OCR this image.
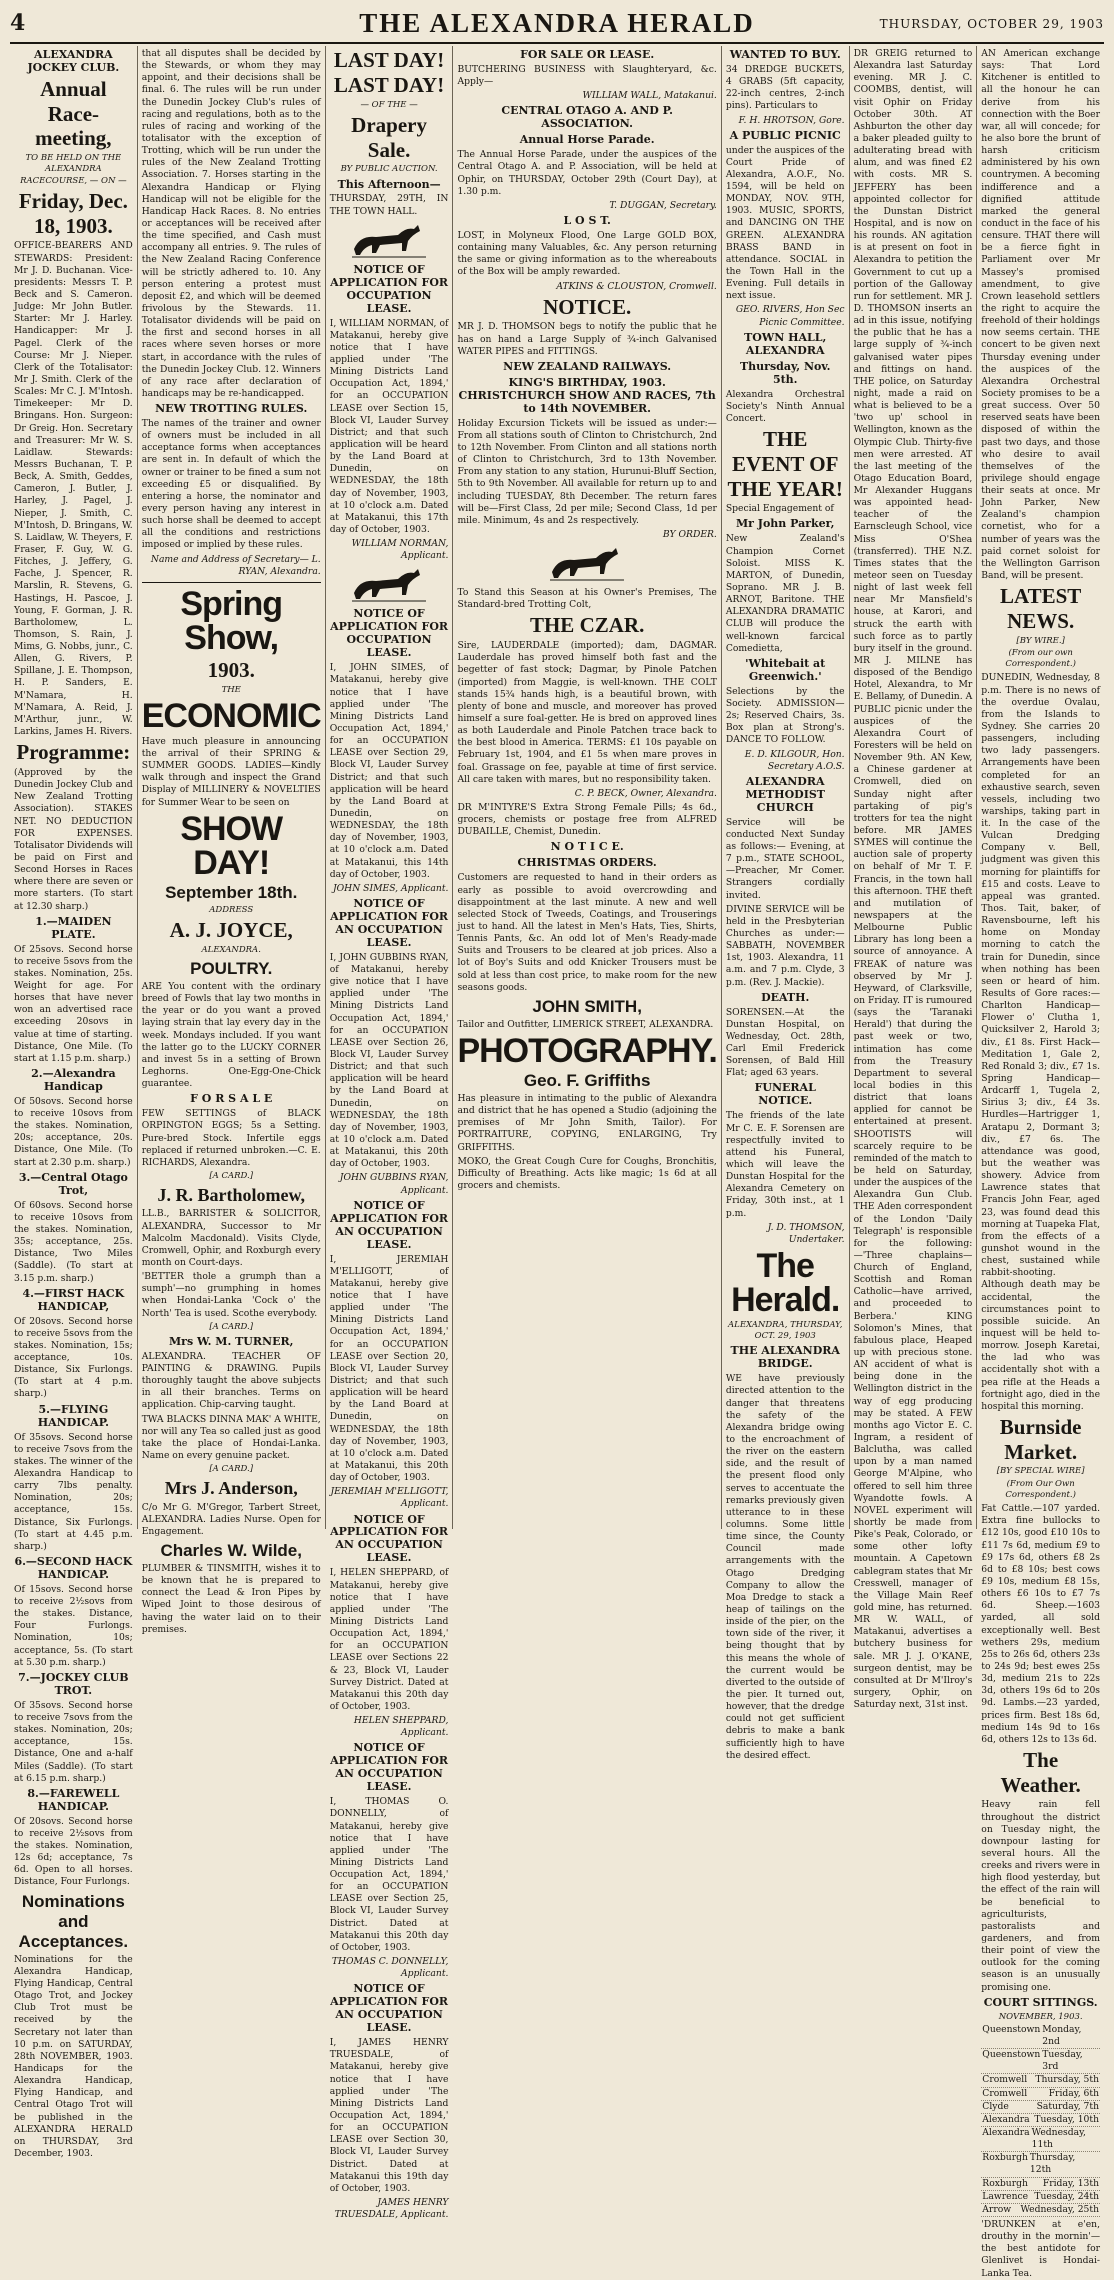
4	THE ALEXANDRA HERALD	THURSDAY, OCTOBER 29, 1903
ALEXANDRA JOCKEY CLUB.
Annual Race-meeting,
TO BE HELD ON THE ALEXANDRA RACECOURSE, — ON —
Friday, Dec. 18, 1903.
OFFICE-BEARERS AND STEWARDS: President: Mr J. D. Buchanan. Vice-presidents: Messrs T. P. Beck and S. Cameron. Judge: Mr John Butler. Starter: Mr J. Harley. Handicapper: Mr J. Pagel. Clerk of the Course: Mr J. Nieper. Clerk of the Totalisator: Mr J. Smith. Clerk of the Scales: Mr C. J. M'Intosh. Timekeeper: Mr D. Bringans. Hon. Surgeon: Dr Greig. Hon. Secretary and Treasurer: Mr W. S. Laidlaw. Stewards: Messrs Buchanan, T. P. Beck, A. Smith, Geddes, Cameron, J. Butler, J. Harley, J. Pagel, J. Nieper, J. Smith, C. M'Intosh, D. Bringans, W. S. Laidlaw, W. Theyers, F. Fraser, F. Guy, W. G. Fitches, J. Jeffery, G. Fache, J. Spencer, R. Marslin, R. Stevens, G. Hastings, H. Pascoe, J. Young, F. Gorman, J. R. Bartholomew, L. Thomson, S. Rain, J. Mims, G. Nobbs, junr., C. Allen, G. Rivers, P. Spillane, J. E. Thompson, H. P. Sanders, E. M'Namara, H. M'Namara, A. Reid, J. M'Arthur, junr., W. Larkins, James H. Rivers.
Programme:
(Approved by the Dunedin Jockey Club and New Zealand Trotting Association). STAKES NET. NO DEDUCTION FOR EXPENSES. Totalisator Dividends will be paid on First and Second Horses in Races where there are seven or more starters. (To start at 12.30 sharp.)
1.—MAIDEN PLATE.
Of 25sovs. Second horse to receive 5sovs from the stakes. Nomination, 25s. Weight for age. For horses that have never won an advertised race exceeding 20sovs in value at time of starting. Distance, One Mile. (To start at 1.15 p.m. sharp.)
2.—Alexandra Handicap
Of 50sovs. Second horse to receive 10sovs from the stakes. Nomination, 20s; acceptance, 20s. Distance, One Mile. (To start at 2.30 p.m. sharp.)
3.—Central Otago Trot,
Of 60sovs. Second horse to receive 10sovs from the stakes. Nomination, 35s; acceptance, 25s. Distance, Two Miles (Saddle). (To start at 3.15 p.m. sharp.)
4.—FIRST HACK HANDICAP,
Of 20sovs. Second horse to receive 5sovs from the stakes. Nomination, 15s; acceptance, 10s. Distance, Six Furlongs. (To start at 4 p.m. sharp.)
5.—FLYING HANDICAP.
Of 35sovs. Second horse to receive 7sovs from the stakes. The winner of the Alexandra Handicap to carry 7lbs penalty. Nomination, 20s; acceptance, 15s. Distance, Six Furlongs. (To start at 4.45 p.m. sharp.)
6.—SECOND HACK HANDICAP.
Of 15sovs. Second horse to receive 2½sovs from the stakes. Distance, Four Furlongs. Nomination, 10s; acceptance, 5s. (To start at 5.30 p.m. sharp.)
7.—JOCKEY CLUB TROT.
Of 35sovs. Second horse to receive 7sovs from the stakes. Nomination, 20s; acceptance, 15s. Distance, One and a-half Miles (Saddle). (To start at 6.15 p.m. sharp.)
8.—FAREWELL HANDICAP.
Of 20sovs. Second horse to receive 2½sovs from the stakes. Nomination, 12s 6d; acceptance, 7s 6d. Open to all horses. Distance, Four Furlongs.
Nominations and Acceptances.
Nominations for the Alexandra Handicap, Flying Handicap, Central Otago Trot, and Jockey Club Trot must be received by the Secretary not later than 10 p.m. on SATURDAY, 28th NOVEMBER, 1903. Handicaps for the Alexandra Handicap, Flying Handicap, and Central Otago Trot will be published in the ALEXANDRA HERALD on THURSDAY, 3rd December, 1903.
that all disputes shall be decided by the Stewards, or whom they may appoint, and their decisions shall be final. 6. The rules will be run under the Dunedin Jockey Club's rules of racing and regulations, both as to the rules of racing and working of the totalisator with the exception of Trotting, which will be run under the rules of the New Zealand Trotting Association. 7. Horses starting in the Alexandra Handicap or Flying Handicap will not be eligible for the Handicap Hack Races. 8. No entries or acceptances will be received after the time specified, and Cash must accompany all entries. 9. The rules of the New Zealand Racing Conference will be strictly adhered to. 10. Any person entering a protest must deposit £2, and which will be deemed frivolous by the Stewards. 11. Totalisator dividends will be paid on the first and second horses in all races where seven horses or more start, in accordance with the rules of the Dunedin Jockey Club. 12. Winners of any race after declaration of handicaps may be re-handicapped.
NEW TROTTING RULES.
The names of the trainer and owner of owners must be included in all acceptance forms when acceptances are sent in. In default of which the owner or trainer to be fined a sum not exceeding £5 or disqualified. By entering a horse, the nominator and every person having any interest in such horse shall be deemed to accept all the conditions and restrictions imposed or implied by these rules.
Name and Address of Secretary— L. RYAN, Alexandra.
Spring Show,
1903.
THE
ECONOMIC
Have much pleasure in announcing the arrival of their SPRING & SUMMER GOODS. LADIES—Kindly walk through and inspect the Grand Display of MILLINERY & NOVELTIES for Summer Wear to be seen on
SHOW DAY!
September 18th.
ADDRESS
A. J. JOYCE,
ALEXANDRA.
POULTRY.
ARE You content with the ordinary breed of Fowls that lay two months in the year or do you want a proved laying strain that lay every day in the week. Mondays included. If you want the latter go to the LUCKY CORNER and invest 5s in a setting of Brown Leghorns. One-Egg-One-Chick guarantee.
F O R S A L E
FEW SETTINGS of BLACK ORPINGTON EGGS; 5s a Setting. Pure-bred Stock. Infertile eggs replaced if returned unbroken.—C. E. RICHARDS, Alexandra.
[A CARD.]
J. R. Bartholomew,
LL.B., BARRISTER & SOLICITOR, ALEXANDRA, Successor to Mr Malcolm Macdonald). Visits Clyde, Cromwell, Ophir, and Roxburgh every month on Court-days.
'BETTER thole a grumph than a sumph'—no grumphing in homes when Hondai-Lanka 'Cock o' the North' Tea is used. Scothe everybody.
[A CARD.]
Mrs W. M. TURNER,
ALEXANDRA. TEACHER OF PAINTING & DRAWING. Pupils thoroughly taught the above subjects in all their branches. Terms on application. Chip-carving taught.
TWA BLACKS DINNA MAK' A WHITE, nor will any Tea so called just as good take the place of Hondai-Lanka. Name on every genuine packet.
[A CARD.]
Mrs J. Anderson,
C/o Mr G. M'Gregor, Tarbert Street, ALEXANDRA. Ladies Nurse. Open for Engagement.
Charles W. Wilde,
PLUMBER & TINSMITH, wishes it to be known that he is prepared to connect the Lead & Iron Pipes by Wiped Joint to those desirous of having the water laid on to their premises.
LAST DAY! LAST DAY!
— OF THE —
Drapery Sale.
BY PUBLIC AUCTION.
This Afternoon—
THURSDAY, 29TH, IN THE TOWN HALL.
NOTICE OF APPLICATION FOR OCCUPATION LEASE.
I, WILLIAM NORMAN, of Matakanui, hereby give notice that I have applied under 'The Mining Districts Land Occupation Act, 1894,' for an OCCUPATION LEASE over Section 15, Block VI, Lauder Survey District; and that such application will be heard by the Land Board at Dunedin, on WEDNESDAY, the 18th day of November, 1903, at 10 o'clock a.m. Dated at Matakanui, this 17th day of October, 1903.
WILLIAM NORMAN, Applicant.
NOTICE OF APPLICATION FOR OCCUPATION LEASE.
I, JOHN SIMES, of Matakanui, hereby give notice that I have applied under 'The Mining Districts Land Occupation Act, 1894,' for an OCCUPATION LEASE over Section 29, Block VI, Lauder Survey District; and that such application will be heard by the Land Board at Dunedin, on WEDNESDAY, the 18th day of November, 1903, at 10 o'clock a.m. Dated at Matakanui, this 14th day of October, 1903.
JOHN SIMES, Applicant.
NOTICE OF APPLICATION FOR AN OCCUPATION LEASE.
I, JOHN GUBBINS RYAN, of Matakanui, hereby give notice that I have applied under 'The Mining Districts Land Occupation Act, 1894,' for an OCCUPATION LEASE over Section 26, Block VI, Lauder Survey District; and that such application will be heard by the Land Board at Dunedin, on WEDNESDAY, the 18th day of November, 1903, at 10 o'clock a.m. Dated at Matakanui, this 20th day of October, 1903.
JOHN GUBBINS RYAN, Applicant.
NOTICE OF APPLICATION FOR AN OCCUPATION LEASE.
I, JEREMIAH M'ELLIGOTT, of Matakanui, hereby give notice that I have applied under 'The Mining Districts Land Occupation Act, 1894,' for an OCCUPATION LEASE over Section 20, Block VI, Lauder Survey District; and that such application will be heard by the Land Board at Dunedin, on WEDNESDAY, the 18th day of November, 1903, at 10 o'clock a.m. Dated at Matakanui, this 20th day of October, 1903.
JEREMIAH M'ELLIGOTT, Applicant.
NOTICE OF APPLICATION FOR AN OCCUPATION LEASE.
I, HELEN SHEPPARD, of Matakanui, hereby give notice that I have applied under 'The Mining Districts Land Occupation Act, 1894,' for an OCCUPATION LEASE over Sections 22 & 23, Block VI, Lauder Survey District. Dated at Matakanui this 20th day of October, 1903.
HELEN SHEPPARD, Applicant.
NOTICE OF APPLICATION FOR AN OCCUPATION LEASE.
I, THOMAS O. DONNELLY, of Matakanui, hereby give notice that I have applied under 'The Mining Districts Land Occupation Act, 1894,' for an OCCUPATION LEASE over Section 25, Block VI, Lauder Survey District. Dated at Matakanui this 20th day of October, 1903.
THOMAS C. DONNELLY, Applicant.
NOTICE OF APPLICATION FOR AN OCCUPATION LEASE.
I, JAMES HENRY TRUESDALE, of Matakanui, hereby give notice that I have applied under 'The Mining Districts Land Occupation Act, 1894,' for an OCCUPATION LEASE over Section 30, Block VI, Lauder Survey District. Dated at Matakanui this 19th day of October, 1903.
JAMES HENRY TRUESDALE, Applicant.
FOR SALE OR LEASE.
BUTCHERING BUSINESS with Slaughteryard, &c. Apply—
WILLIAM WALL, Matakanui.
CENTRAL OTAGO A. AND P. ASSOCIATION.
Annual Horse Parade.
The Annual Horse Parade, under the auspices of the Central Otago A. and P. Association, will be held at Ophir, on THURSDAY, October 29th (Court Day), at 1.30 p.m.
T. DUGGAN, Secretary.
L O S T.
LOST, in Molyneux Flood, One Large GOLD BOX, containing many Valuables, &c. Any person returning the same or giving information as to the whereabouts of the Box will be amply rewarded.
ATKINS & CLOUSTON, Cromwell.
NOTICE.
MR J. D. THOMSON begs to notify the public that he has on hand a Large Supply of ¾-inch Galvanised WATER PIPES and FITTINGS.
NEW ZEALAND RAILWAYS.
KING'S BIRTHDAY, 1903. CHRISTCHURCH SHOW AND RACES, 7th to 14th NOVEMBER.
Holiday Excursion Tickets will be issued as under:— From all stations south of Clinton to Christchurch, 2nd to 12th November. From Clinton and all stations north of Clinton to Christchurch, 3rd to 13th November. From any station to any station, Hurunui-Bluff Section, 5th to 9th November. All available for return up to and including TUESDAY, 8th December. The return fares will be—First Class, 2d per mile; Second Class, 1d per mile. Minimum, 4s and 2s respectively.
BY ORDER.
To Stand this Season at his Owner's Premises, The Standard-bred Trotting Colt,
THE CZAR.
Sire, LAUDERDALE (imported); dam, DAGMAR. Lauderdale has proved himself both fast and the begetter of fast stock; Dagmar, by Pinole Patchen (imported) from Maggie, is well-known. THE COLT stands 15¾ hands high, is a beautiful brown, with plenty of bone and muscle, and moreover has proved himself a sure foal-getter. He is bred on approved lines as both Lauderdale and Pinole Patchen trace back to the best blood in America. TERMS: £1 10s payable on February 1st, 1904, and £1 5s when mare proves in foal. Grassage on fee, payable at time of first service. All care taken with mares, but no responsibility taken.
C. P. BECK, Owner, Alexandra.
DR M'INTYRE'S Extra Strong Female Pills; 4s 6d., grocers, chemists or postage free from ALFRED DUBAILLE, Chemist, Dunedin.
N O T I C E.
CHRISTMAS ORDERS.
Customers are requested to hand in their orders as early as possible to avoid overcrowding and disappointment at the last minute. A new and well selected Stock of Tweeds, Coatings, and Trouserings just to hand. All the latest in Men's Hats, Ties, Shirts, Tennis Pants, &c. An odd lot of Men's Ready-made Suits and Trousers to be cleared at job prices. Also a lot of Boy's Suits and odd Knicker Trousers must be sold at less than cost price, to make room for the new seasons goods.
JOHN SMITH,
Tailor and Outfitter, LIMERICK STREET, ALEXANDRA.
PHOTOGRAPHY.
Geo. F. Griffiths
Has pleasure in intimating to the public of Alexandra and district that he has opened a Studio (adjoining the premises of Mr John Smith, Tailor). For PORTRAITURE, COPYING, ENLARGING, Try GRIFFITHS.
MOKO, the Great Cough Cure for Coughs, Bronchitis, Difficulty of Breathing. Acts like magic; 1s 6d at all grocers and chemists.
WANTED TO BUY.
34 DREDGE BUCKETS, 4 GRABS (5ft capacity, 22-inch centres, 2-inch pins). Particulars to
F. H. HROTSON, Gore.
A PUBLIC PICNIC
under the auspices of the Court Pride of Alexandra, A.O.F., No. 1594, will be held on MONDAY, NOV. 9TH, 1903. MUSIC, SPORTS, and DANCING ON THE GREEN. ALEXANDRA BRASS BAND in attendance. SOCIAL in the Town Hall in the Evening. Full details in next issue.
GEO. RIVERS, Hon Sec Picnic Committee.
TOWN HALL, ALEXANDRA
Thursday, Nov. 5th.
Alexandra Orchestral Society's Ninth Annual Concert.
THE EVENT OF THE YEAR!
Special Engagement of
Mr John Parker,
New Zealand's Champion Cornet Soloist. MISS K. MARTON, of Dunedin, Soprano. MR J. B. ARNOT, Baritone. THE ALEXANDRA DRAMATIC CLUB will produce the well-known farcical Comedietta,
'Whitebait at Greenwich.'
Selections by the Society. ADMISSION—2s; Reserved Chairs, 3s. Box plan at Strong's. DANCE TO FOLLOW.
E. D. KILGOUR, Hon. Secretary A.O.S.
ALEXANDRA METHODIST CHURCH
Service will be conducted Next Sunday as follows:— Evening, at 7 p.m., STATE SCHOOL,—Preacher, Mr Comer. Strangers cordially invited.
DIVINE SERVICE will be held in the Presbyterian Churches as under:— SABBATH, NOVEMBER 1st, 1903. Alexandra, 11 a.m. and 7 p.m. Clyde, 3 p.m. (Rev. J. Mackie).
DEATH.
SORENSEN.—At the Dunstan Hospital, on Wednesday, Oct. 28th, Carl Emil Frederick Sorensen, of Bald Hill Flat; aged 63 years.
FUNERAL NOTICE.
The friends of the late Mr C. E. F. Sorensen are respectfully invited to attend his Funeral, which will leave the Dunstan Hospital for the Alexandra Cemetery on Friday, 30th inst., at 1 p.m.
J. D. THOMSON, Undertaker.
The Herald.
ALEXANDRA, THURSDAY, OCT. 29, 1903
THE ALEXANDRA BRIDGE.
WE have previously directed attention to the danger that threatens the safety of the Alexandra bridge owing to the encroachment of the river on the eastern side, and the result of the present flood only serves to accentuate the remarks previously given utterance to in these columns. Some little time since, the County Council made arrangements with the Otago Dredging Company to allow the Moa Dredge to stack a heap of tailings on the inside of the pier, on the town side of the river, it being thought that by this means the whole of the current would be diverted to the outside of the pier. It turned out, however, that the dredge could not get sufficient debris to make a bank sufficiently high to have the desired effect.
DR GREIG returned to Alexandra last Saturday evening. MR J. C. COOMBS, dentist, will visit Ophir on Friday October 30th. AT Ashburton the other day a baker pleaded guilty to adulterating bread with alum, and was fined £2 with costs. MR S. JEFFERY has been appointed collector for the Dunstan District Hospital, and is now on his rounds. AN agitation is at present on foot in Alexandra to petition the Government to cut up a portion of the Galloway run for settlement. MR J. D. THOMSON inserts an ad in this issue, notifying the public that he has a large supply of ¾-inch galvanised water pipes and fittings on hand. THE police, on Saturday night, made a raid on what is believed to be a 'two up' school in Wellington, known as the Olympic Club. Thirty-five men were arrested. AT the last meeting of the Otago Education Board, Mr Alexander Huggans was appointed head-teacher of the Earnscleugh School, vice Miss O'Shea (transferred). THE N.Z. Times states that the meteor seen on Tuesday night of last week fell near Mr Mansfield's house, at Karori, and struck the earth with such force as to partly bury itself in the ground. MR J. MILNE has disposed of the Bendigo Hotel, Alexandra, to Mr E. Bellamy, of Dunedin. A PUBLIC picnic under the auspices of the Alexandra Court of Foresters will be held on November 9th. AN Kew, a Chinese gardener at Cromwell, died on Sunday night after partaking of pig's trotters for tea the night before. MR JAMES SYMES will continue the auction sale of property on behalf of Mr T. F. Francis, in the town hall this afternoon. THE theft and mutilation of newspapers at the Melbourne Public Library has long been a source of annoyance. A FREAK of nature was observed by Mr J. Heyward, of Clarksville, on Friday. IT is rumoured (says the 'Taranaki Herald') that during the past week or two, intimation has come from the Treasury Department to several local bodies in this district that loans applied for cannot be entertained at present. SHOOTISTS will scarcely require to be reminded of the match to be held on Saturday, under the auspices of the Alexandra Gun Club. THE Aden correspondent of the London 'Daily Telegraph' is responsible for the following:—'Three chaplains—Church of England, Scottish and Roman Catholic—have arrived, and proceeded to Berbera.' KING Solomon's Mines, that fabulous place, Heaped up with precious stone. AN accident of what is being done in the Wellington district in the way of egg producing may be stated. A FEW months ago Victor E. C. Ingram, a resident of Balclutha, was called upon by a man named George M'Alpine, who offered to sell him three Wyandotte fowls. A NOVEL experiment will shortly be made from Pike's Peak, Colorado, or some other lofty mountain. A Capetown cablegram states that Mr Cresswell, manager of the Village Main Reef gold mine, has returned. MR W. WALL, of Matakanui, advertises a butchery business for sale. MR J. J. O'KANE, surgeon dentist, may be consulted at Dr M'Ilroy's surgery, Ophir, on Saturday next, 31st inst.
AN American exchange says: That Lord Kitchener is entitled to all the honour he can derive from his connection with the Boer war, all will concede; for he also bore the brunt of harsh criticism administered by his own countrymen. A becoming indifference and a dignified attitude marked the general conduct in the face of his censure. THAT there will be a fierce fight in Parliament over Mr Massey's promised amendment, to give Crown leasehold settlers the right to acquire the freehold of their holdings now seems certain. THE concert to be given next Thursday evening under the auspices of the Alexandra Orchestral Society promises to be a great success. Over 50 reserved seats have been disposed of within the past two days, and those who desire to avail themselves of the privilege should engage their seats at once. Mr John Parker, New Zealand's champion cornetist, who for a number of years was the paid cornet soloist for the Wellington Garrison Band, will be present.
LATEST NEWS.
[BY WIRE.]
(From our own Correspondent.)
DUNEDIN, Wednesday, 8 p.m. There is no news of the overdue Ovalau, from the Islands to Sydney. She carries 20 passengers, including two lady passengers. Arrangements have been completed for an exhaustive search, seven vessels, including two warships, taking part in it. In the case of the Vulcan Dredging Company v. Bell, judgment was given this morning for plaintiffs for £15 and costs. Leave to appeal was granted. Thos. Tait, baker, of Ravensbourne, left his home on Monday morning to catch the train for Dunedin, since when nothing has been seen or heard of him. Results of Gore races:—Charlton Handicap—Flower o' Clutha 1, Quicksilver 2, Harold 3; div., £1 8s. First Hack—Meditation 1, Gale 2, Red Ronald 3; div., £7 1s. Spring Handicap—Ardcarff 1, Tugela 2, Sirius 3; div., £4 3s. Hurdles—Hartrigger 1, Aratapu 2, Dormant 3; div., £7 6s. The attendance was good, but the weather was showery. Advice from Lawrence states that Francis John Fear, aged 23, was found dead this morning at Tuapeka Flat, from the effects of a gunshot wound in the chest, sustained while rabbit-shooting. Although death may be accidental, the circumstances point to possible suicide. An inquest will be held to-morrow. Joseph Karetai, the lad who was accidentally shot with a pea rifle at the Heads a fortnight ago, died in the hospital this morning.
Burnside Market.
[BY SPECIAL WIRE]
(From Our Own Correspondent.)
Fat Cattle.—107 yarded. Extra fine bullocks to £12 10s, good £10 10s to £11 7s 6d, medium £9 to £9 17s 6d, others £8 2s 6d to £8 10s; best cows £9 10s, medium £8 15s, others £6 10s to £7 7s 6d. Sheep.—1603 yarded, all sold exceptionally well. Best wethers 29s, medium 25s to 26s 6d, others 23s to 24s 9d; best ewes 25s 3d, medium 21s to 22s 3d, others 19s 6d to 20s 9d. Lambs.—23 yarded, prices firm. Best 18s 6d, medium 14s 9d to 16s 6d, others 12s to 13s 6d.
The Weather.
Heavy rain fell throughout the district on Tuesday night, the downpour lasting for several hours. All the creeks and rivers were in high flood yesterday, but the effect of the rain will be beneficial to agriculturists, pastoralists and gardeners, and from their point of view the outlook for the coming season is an unusually promising one.
COURT SITTINGS.
NOVEMBER, 1903.
Queenstown Monday, 2nd
Queenstown Tuesday, 3rd
Cromwell Thursday, 5th
Cromwell Friday, 6th
Clyde	Saturday, 7th
Alexandra Tuesday, 10th
Alexandra Wednesday, 11th
Roxburgh Thursday, 12th
Roxburgh Friday, 13th
Lawrence Tuesday, 24th
Arrow Wednesday, 25th
'DRUNKEN at e'en, drouthy in the mornin'—the best antidote for Glenlivet is Hondai-Lanka Tea.
